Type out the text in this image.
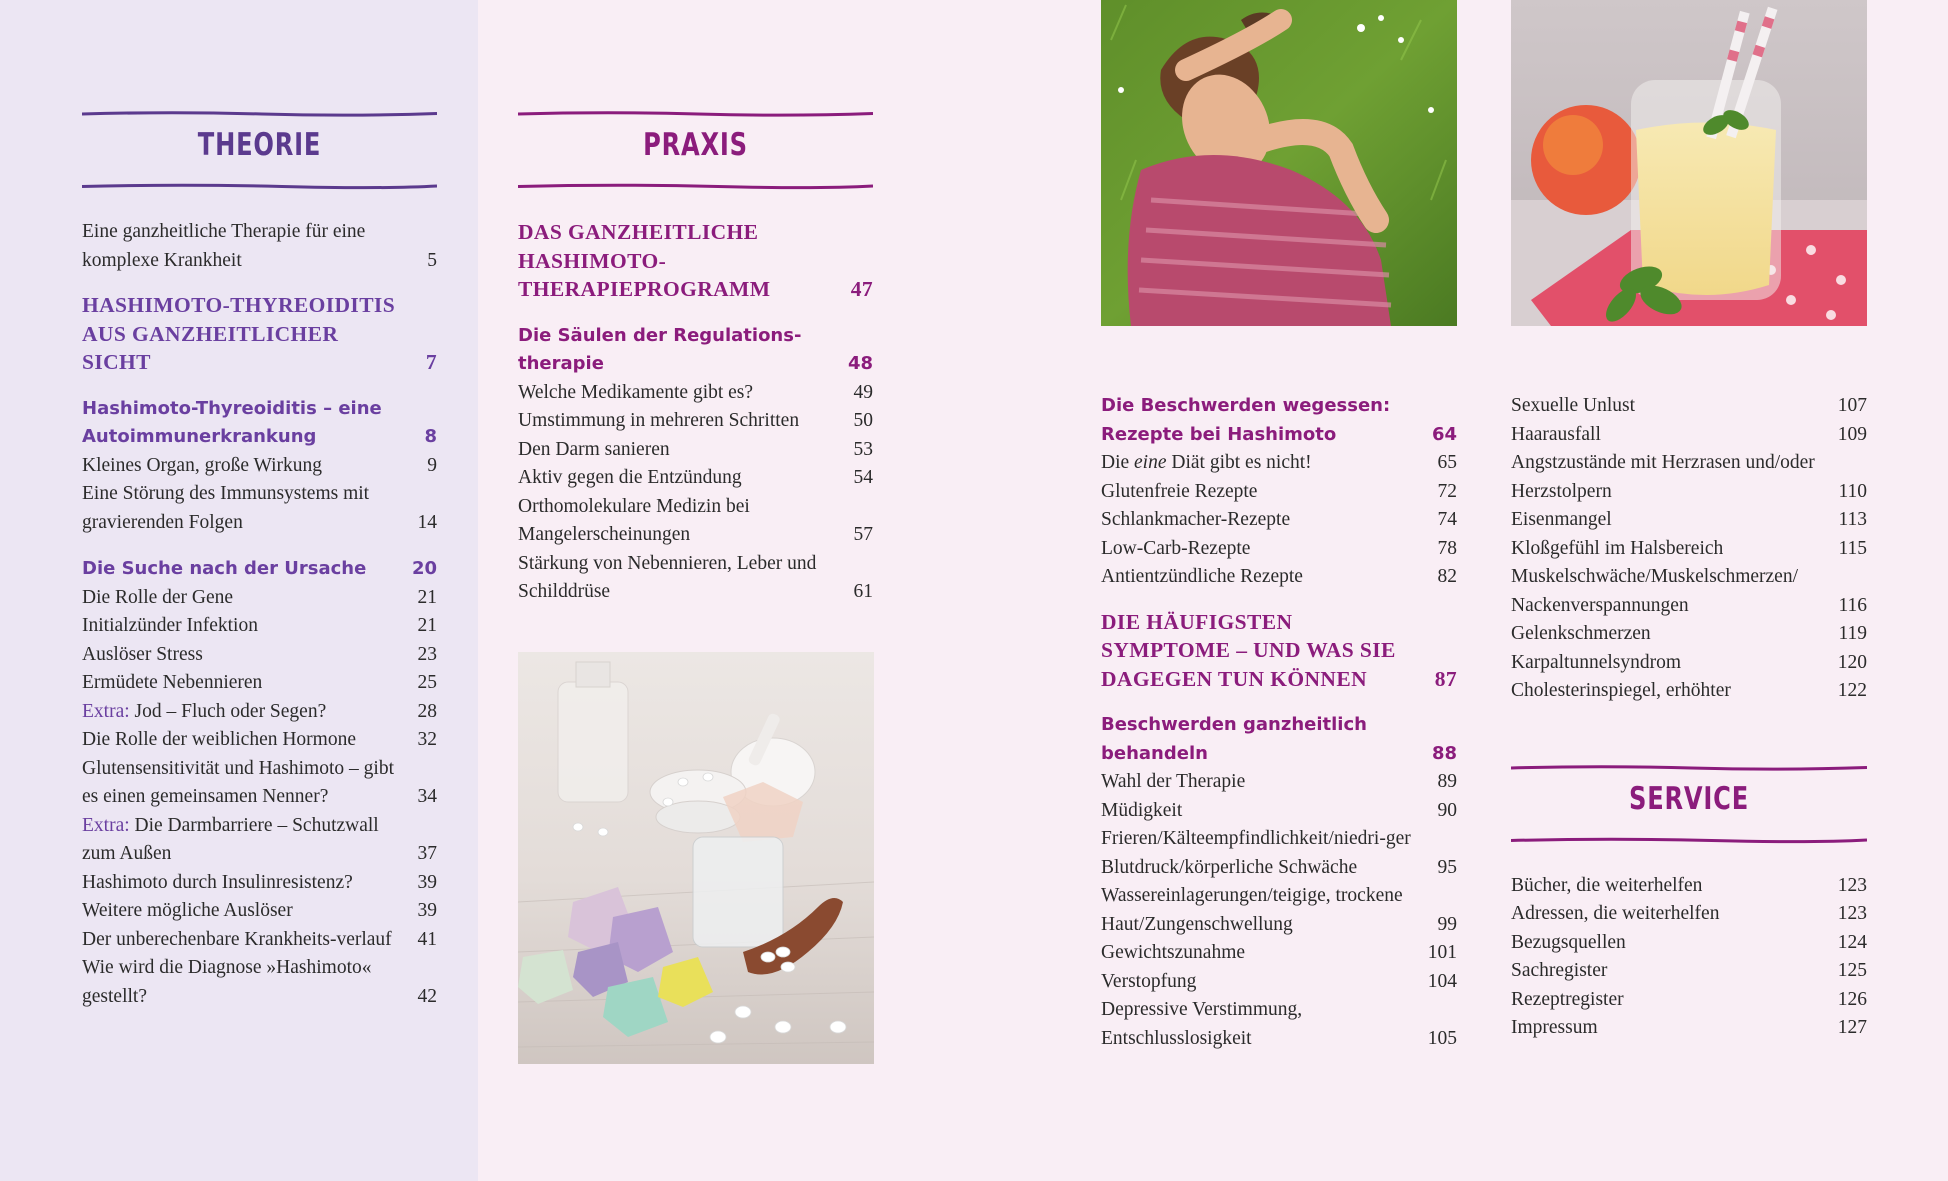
THEORIE
Eine ganzheitliche Therapie für eine komplexe Krankheit	5
HASHIMOTO-THYREOIDITIS AUS GANZHEITLICHER SICHT	7
Hashimoto-Thyreoiditis – eine Autoimmunerkrankung	8
Kleines Organ, große Wirkung	9
Eine Störung des Immunsystems mit gravierenden Folgen	14
Die Suche nach der Ursache	20
Die Rolle der Gene	21
Initialzünder Infektion	21
Auslöser Stress	23
Ermüdete Nebennieren	25
Extra: Jod – Fluch oder Segen?	28
Die Rolle der weiblichen Hormone	32
Glutensensitivität und Hashimoto – gibt es einen gemeinsamen Nenner?	34
Extra: Die Darmbarriere – Schutzwall zum Außen	37
Hashimoto durch Insulinresistenz?	39
Weitere mögliche Auslöser	39
Der unberechenbare Krankheits-verlauf	41
Wie wird die Diagnose »Hashimoto« gestellt?	42
PRAXIS
DAS GANZHEITLICHE HASHIMOTO-THERAPIEPROGRAMM	47
Die Säulen der Regulations-therapie	48
Welche Medikamente gibt es?	49
Umstimmung in mehreren Schritten	50
Den Darm sanieren	53
Aktiv gegen die Entzündung	54
Orthomolekulare Medizin bei Mangelerscheinungen	57
Stärkung von Nebennieren, Leber und Schilddrüse	61
Die Beschwerden wegessen: Rezepte bei Hashimoto	64
Die eine Diät gibt es nicht!	65
Glutenfreie Rezepte	72
Schlankmacher-Rezepte	74
Low-Carb-Rezepte	78
Antientzündliche Rezepte	82
DIE HÄUFIGSTEN SYMPTOME – UND WAS SIE DAGEGEN TUN KÖNNEN	87
Beschwerden ganzheitlich behandeln	88
Wahl der Therapie	89
Müdigkeit	90
Frieren/Kälteempfindlichkeit/niedri-ger Blutdruck/körperliche Schwäche	95
Wassereinlagerungen/teigige, trockene Haut/Zungenschwellung	99
Gewichtszunahme	101
Verstopfung	104
Depressive Verstimmung, Entschlusslosigkeit	105
Sexuelle Unlust	107
Haarausfall	109
Angstzustände mit Herzrasen und/oder Herzstolpern	110
Eisenmangel	113
Kloßgefühl im Halsbereich	115
Muskelschwäche/Muskelschmerzen/ Nackenverspannungen	116
Gelenkschmerzen	119
Karpaltunnelsyndrom	120
Cholesterinspiegel, erhöhter	122
SERVICE
Bücher, die weiterhelfen	123
Adressen, die weiterhelfen	123
Bezugsquellen	124
Sachregister	125
Rezeptregister	126
Impressum	127
